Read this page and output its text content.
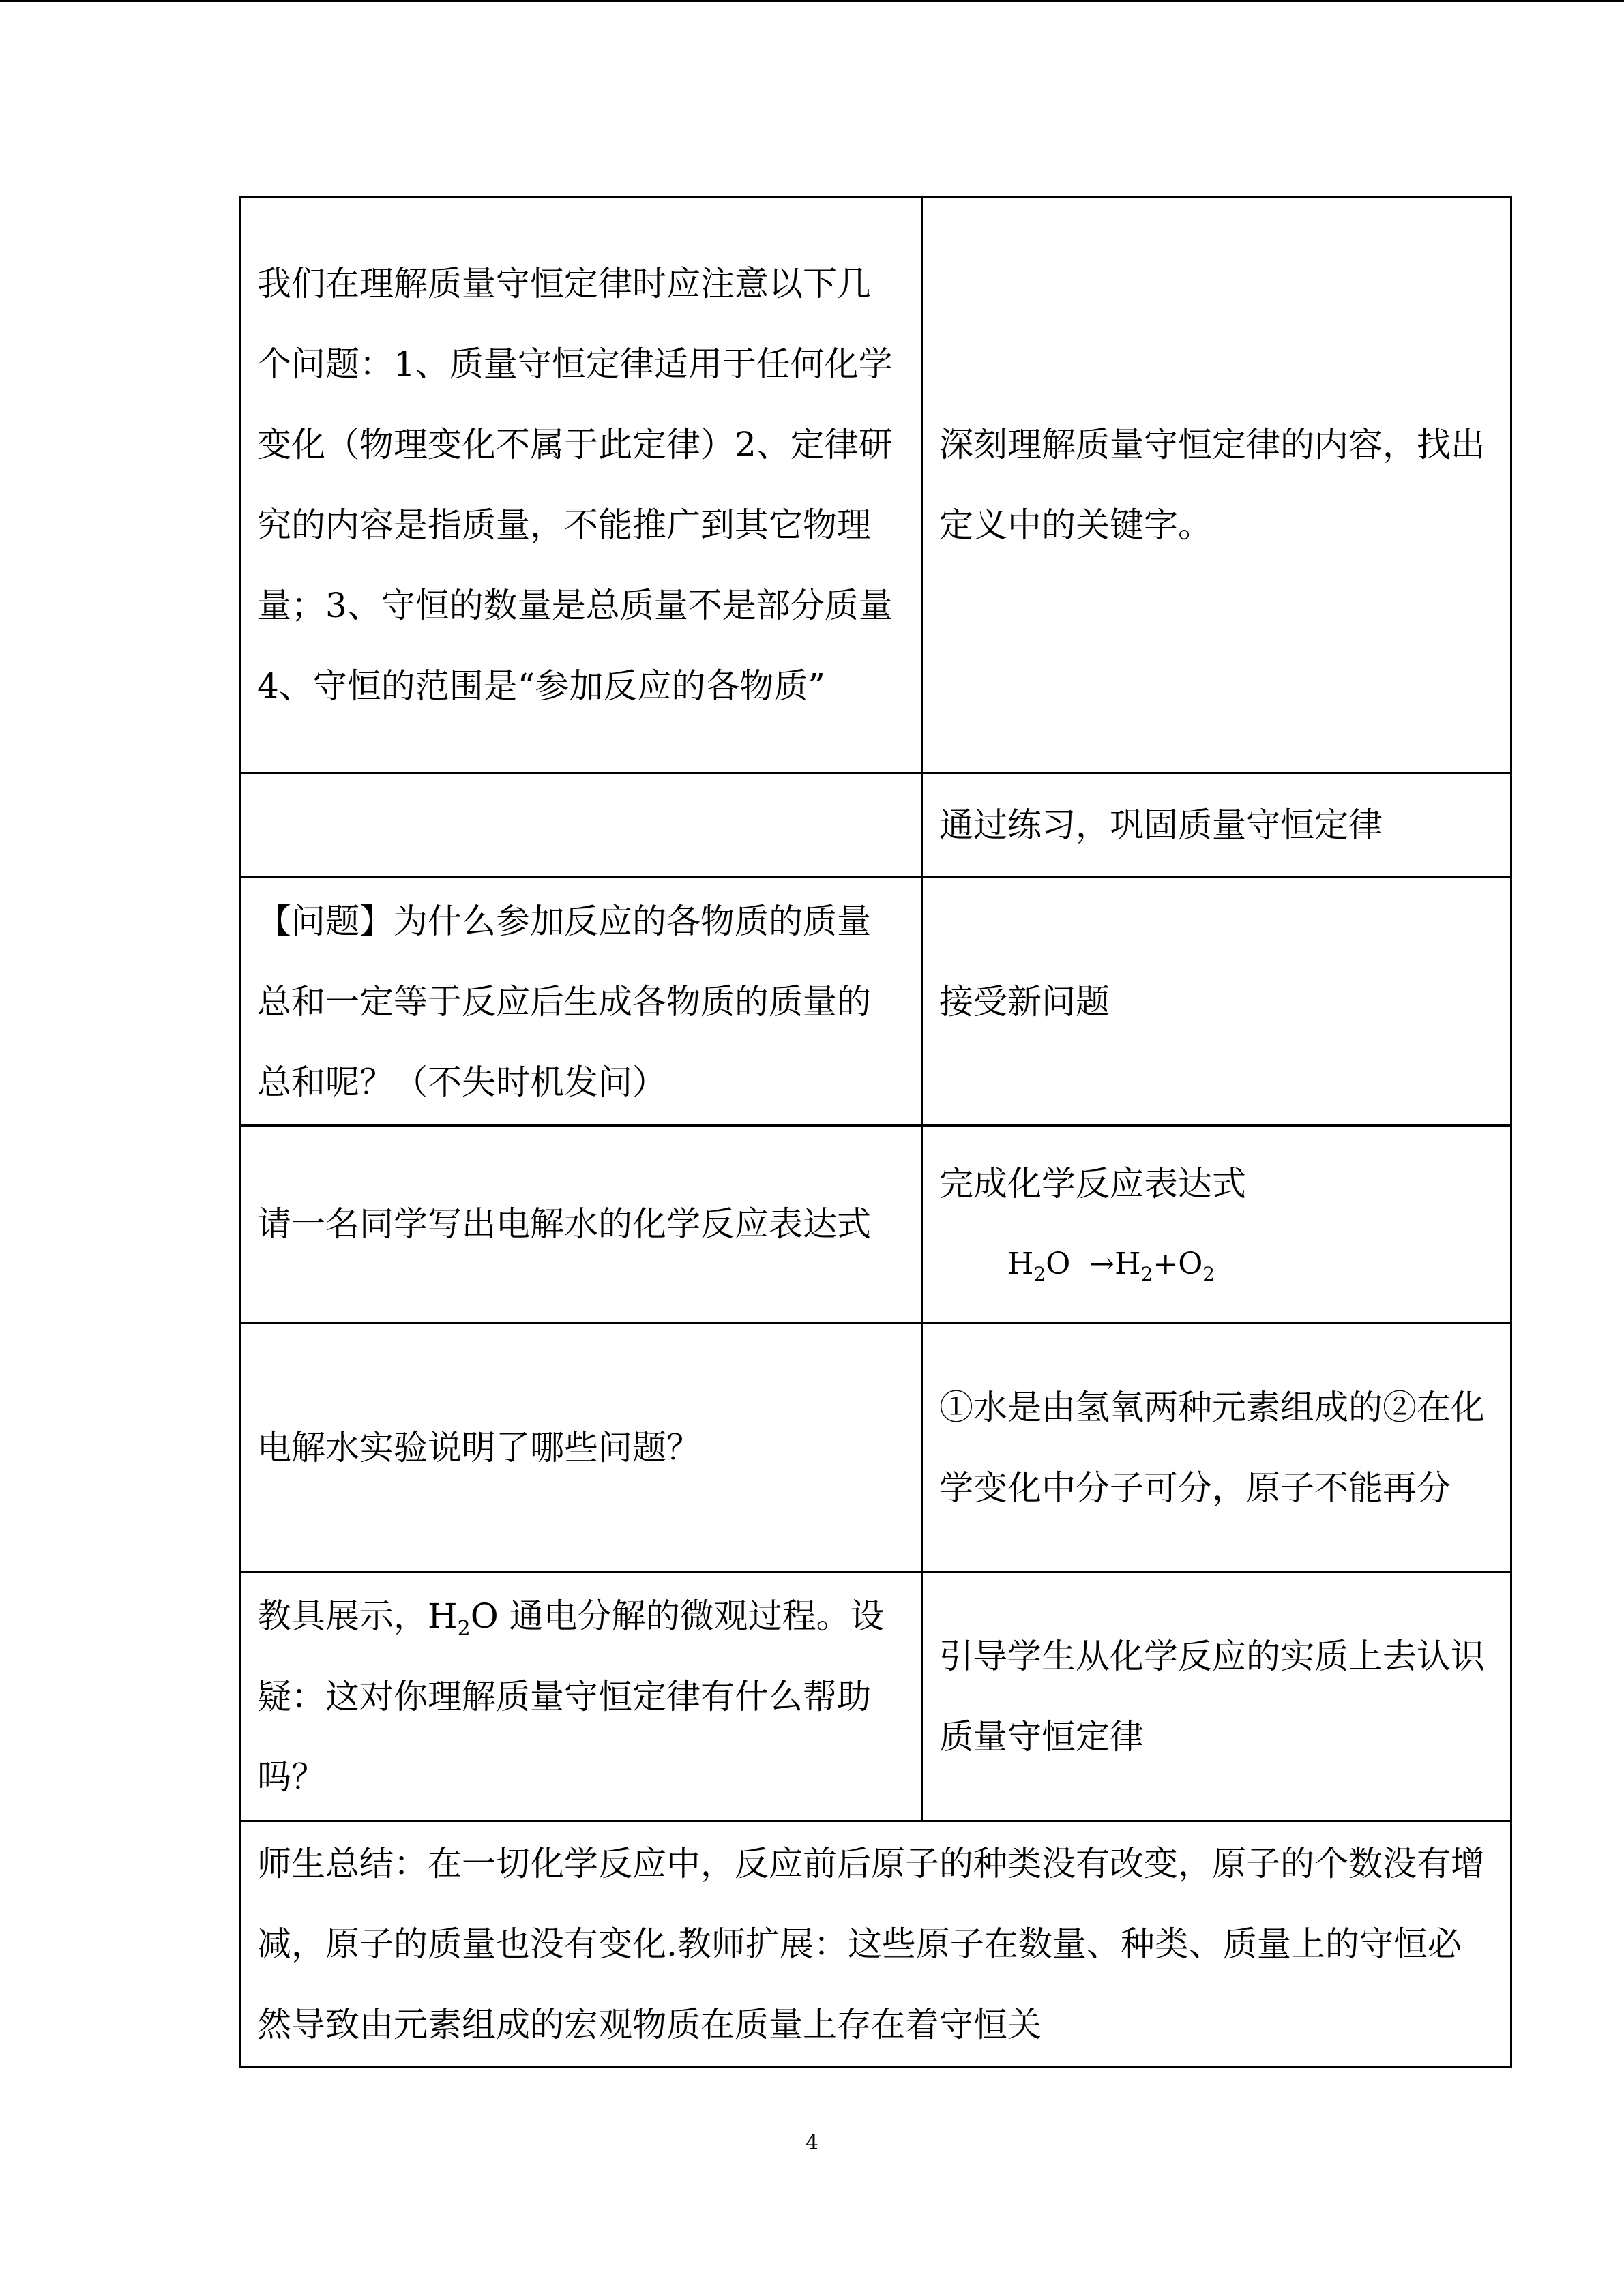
我们在理解质量守恒定律时应注意以下几个问题：1、质量守恒定律适用于任何化学变化（物理变化不属于此定律）2、定律研究的内容是指质量，不能推广到其它物理量；3、守恒的数量是总质量不是部分质量 4、守恒的范围是“参加反应的各物质”	深刻理解质量守恒定律的内容，找出定义中的关键字。
	通过练习，巩固质量守恒定律
【问题】为什么参加反应的各物质的质量总和一定等于反应后生成各物质的质量的总和呢？（不失时机发问）	接受新问题
请一名同学写出电解水的化学反应表达式	完成化学反应表达式
$H_2O \to H_2+O_2$

电解水实验说明了哪些问题？	①水是由氢氧两种元素组成的②在化学变化中分子可分，原子不能再分
教具展示，$H_2O$ 通电分解的微观过程。设疑：这对你理解质量守恒定律有什么帮助吗？	引导学生从化学反应的实质上去认识质量守恒定律
师生总结：在一切化学反应中，反应前后原子的种类没有改变，原子的个数没有增减，原子的质量也没有变化.教师扩展：这些原子在数量、种类、质量上的守恒必然导致由元素组成的宏观物质在质量上存在着守恒关	
4
